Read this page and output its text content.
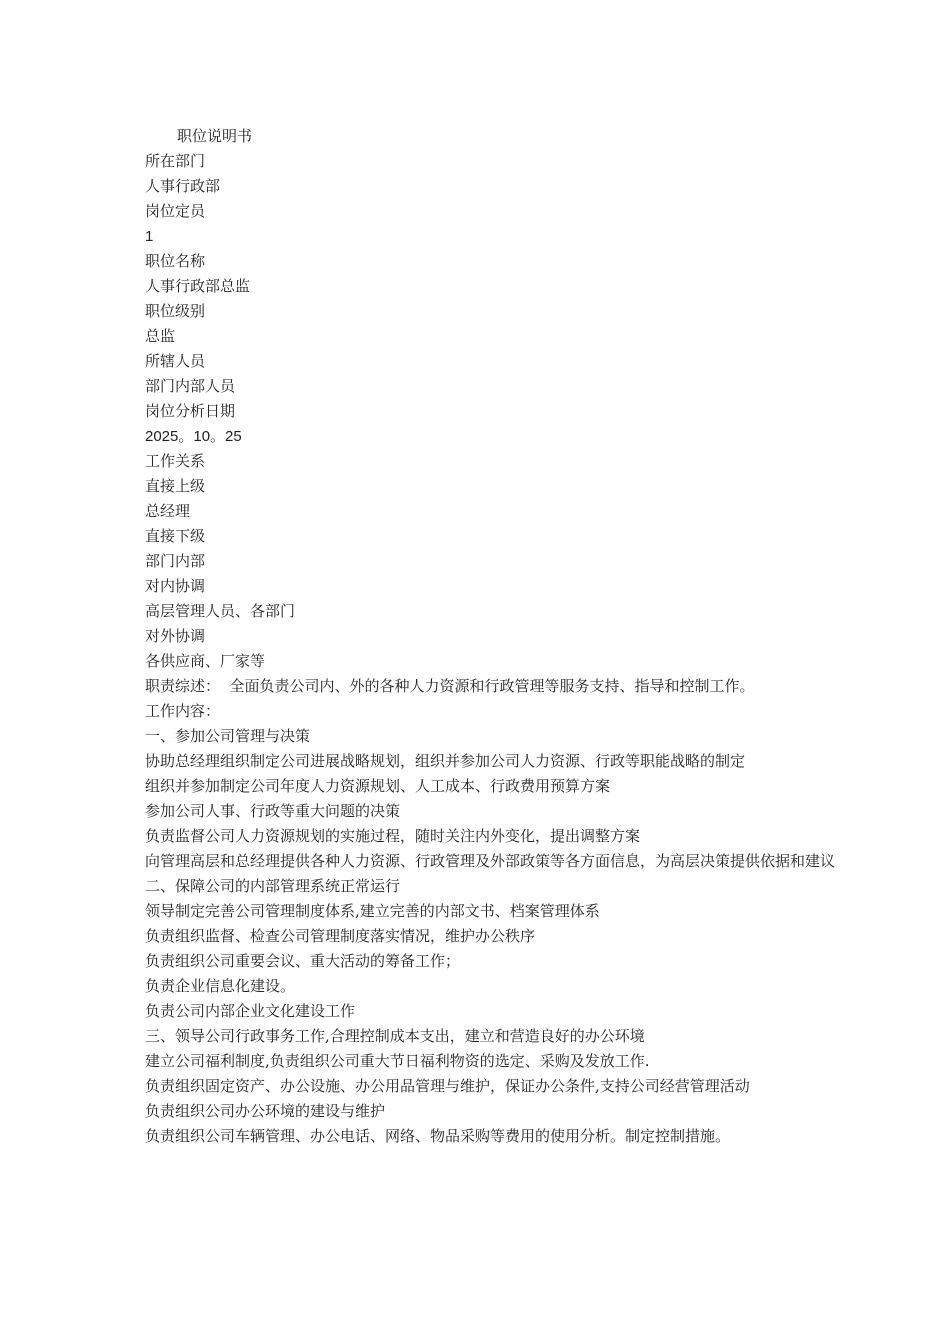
职位说明书

所在部门

人事行政部

岗位定员

1

职位名称

人事行政部总监

职位级别

总监

所辖人员

部门内部人员

岗位分析日期

2025。10。25

工作关系

直接上级

总经理

直接下级

部门内部

对内协调

高层管理人员、各部门

对外协调

各供应商、厂家等

职责综述：  全面负责公司内、外的各种人力资源和行政管理等服务支持、指导和控制工作。

工作内容：

一、参加公司管理与决策

协助总经理组织制定公司进展战略规划，组织并参加公司人力资源、行政等职能战略的制定

组织并参加制定公司年度人力资源规划、人工成本、行政费用预算方案

参加公司人事、行政等重大问题的决策

负责监督公司人力资源规划的实施过程，随时关注内外变化，提出调整方案

向管理高层和总经理提供各种人力资源、行政管理及外部政策等各方面信息，为高层决策提供依据和建议

二、保障公司的内部管理系统正常运行

领导制定完善公司管理制度体系,建立完善的内部文书、档案管理体系

负责组织监督、检查公司管理制度落实情况，维护办公秩序

负责组织公司重要会议、重大活动的筹备工作；

负责企业信息化建设。

负责公司内部企业文化建设工作

三、领导公司行政事务工作,合理控制成本支出，建立和营造良好的办公环境

建立公司福利制度,负责组织公司重大节日福利物资的选定、采购及发放工作.

负责组织固定资产、办公设施、办公用品管理与维护，保证办公条件,支持公司经营管理活动

负责组织公司办公环境的建设与维护

负责组织公司车辆管理、办公电话、网络、物品采购等费用的使用分析。制定控制措施。
